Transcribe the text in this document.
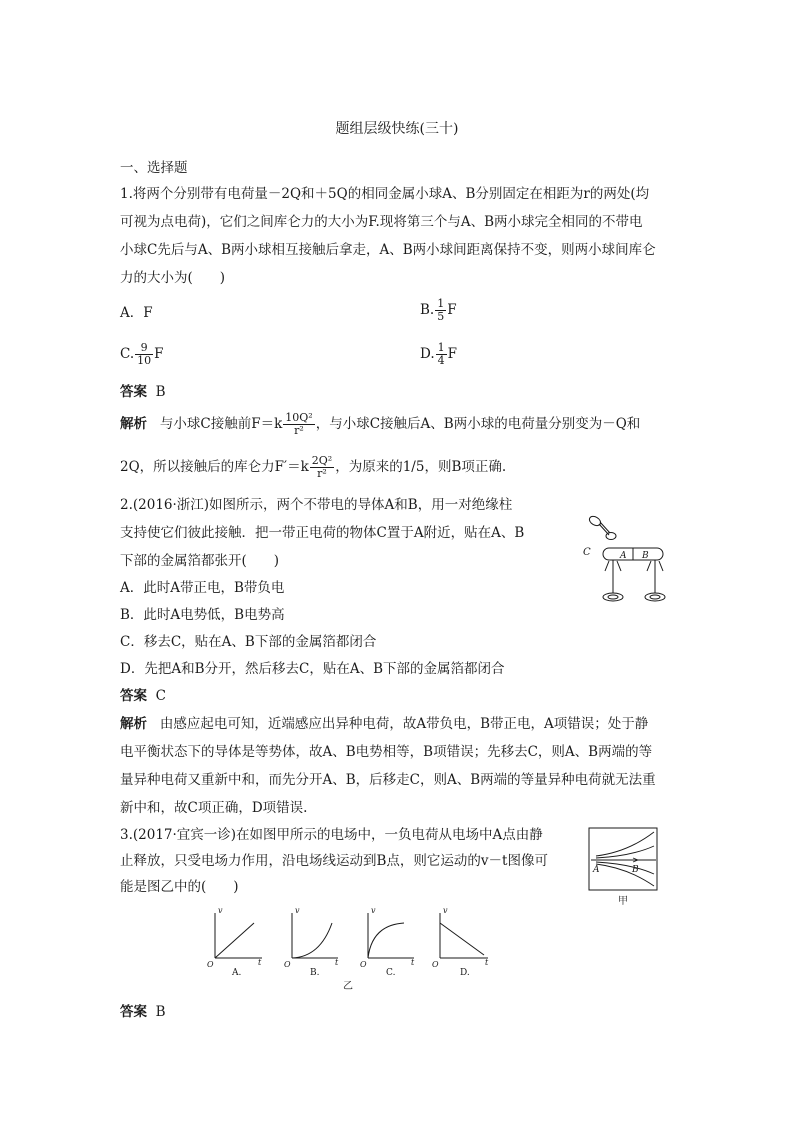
题组层级快练(三十)
一、选择题
1.将两个分别带有电荷量－2Q和＋5Q的相同金属小球A、B分别固定在相距为r的两处(均
可视为点电荷)，它们之间库仑力的大小为F.现将第三个与A、B两小球完全相同的不带电
小球C先后与A、B两小球相互接触后拿走，A、B两小球间距离保持不变，则两小球间库仑
力的大小为(　　)
A．F	B. $\frac{1}{5}$ F
C. $\frac{9}{10}$ F	D. $\frac{1}{4}$ F
答案 B
解析 与小球C接触前$F=k \frac{\text{10Q²}}{\text{r²}}$ ，与小球C接触后A、B两小球的电荷量分别变为－Q和
2Q，所以接触后的库仑力$F'=k \frac{\text{2Q²}}{\text{r²}}$ ，为原来的1/5，则B项正确.
2.(2016·浙江)如图所示，两个不带电的导体A和B，用一对绝缘柱
支持使它们彼此接触．把一带正电荷的物体C置于A附近，贴在A、B
下部的金属箔都张开(　　)
A．此时A带正电，B带负电
B．此时A电势低，B电势高
C．移去C，贴在A、B下部的金属箔都闭合
D．先把A和B分开，然后移去C，贴在A、B下部的金属箔都闭合
答案 C
解析 由感应起电可知，近端感应出异种电荷，故A带负电，B带正电，A项错误；处于静
电平衡状态下的导体是等势体，故A、B电势相等，B项错误；先移去C，则A、B两端的等
量异种电荷又重新中和，而先分开A、B，后移走C，则A、B两端的等量异种电荷就无法重
新中和，故C项正确，D项错误.
C	A B
3.(2017·宜宾一诊)在如图甲所示的电场中，一负电荷从电场中A点由静
止释放，只受电场力作用，沿电场线运动到B点，则它运动的v－t图像可
能是图乙中的(　　)
A	B
甲
v
t
O
A.
v
t
O
B.
v
t
O
C.
v
t
O
D.
乙
答案 B
